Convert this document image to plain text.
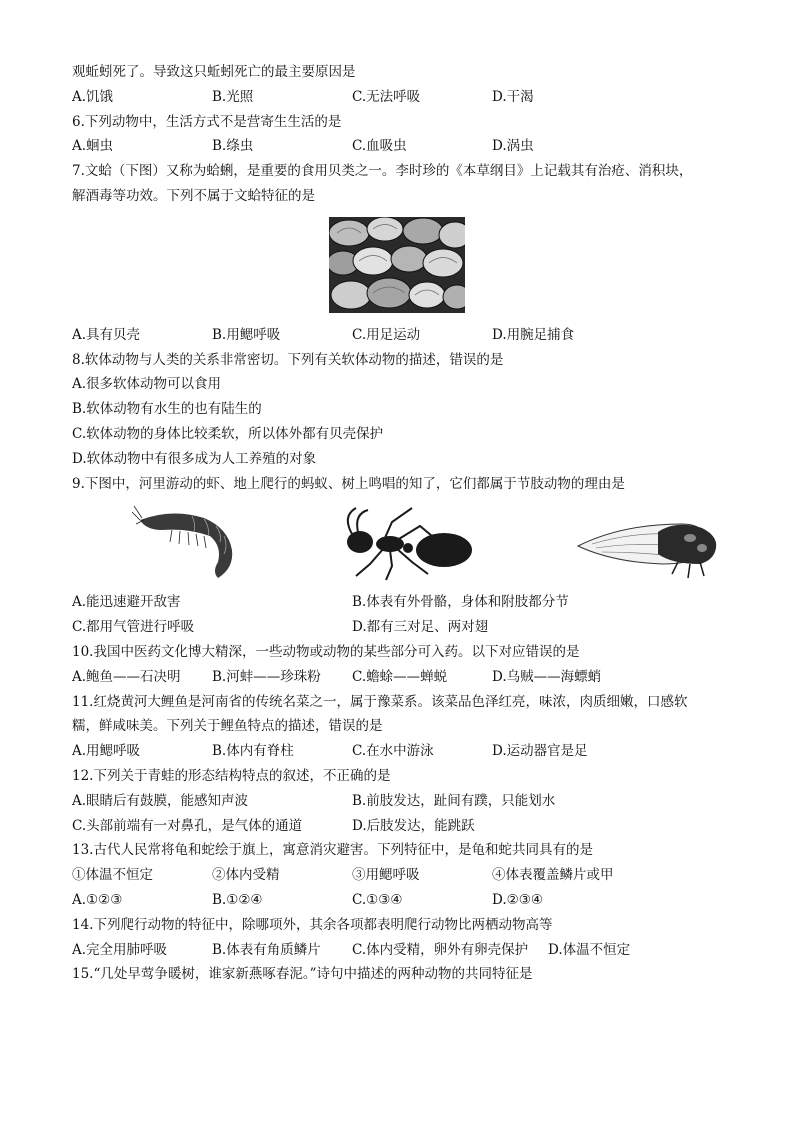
观蚯蚓死了。导致这只蚯蚓死亡的最主要原因是
A.饥饿	B.光照	C.无法呼吸	D.干渴
6.下列动物中，生活方式不是营寄生生活的是
A.蛔虫	B.绦虫	C.血吸虫	D.涡虫
7.文蛤（下图）又称为蛤蜊，是重要的食用贝类之一。李时珍的《本草纲目》上记载其有治疮、消积块，
解酒毒等功效。下列不属于文蛤特征的是
A.具有贝壳	B.用鳃呼吸	C.用足运动	D.用腕足捕食
8.软体动物与人类的关系非常密切。下列有关软体动物的描述，错误的是
A.很多软体动物可以食用
B.软体动物有水生的也有陆生的
C.软体动物的身体比较柔软，所以体外都有贝壳保护
D.软体动物中有很多成为人工养殖的对象
9.下图中，河里游动的虾、地上爬行的蚂蚁、树上鸣唱的知了，它们都属于节肢动物的理由是
A.能迅速避开敌害	B.体表有外骨骼，身体和附肢都分节
C.都用气管进行呼吸	D.都有三对足、两对翅
10.我国中医药文化博大精深，一些动物或动物的某些部分可入药。以下对应错误的是
A.鲍鱼——石决明	B.河蚌——珍珠粉	C.蟾蜍——蝉蜕	D.乌贼——海螵蛸
11.红烧黄河大鲤鱼是河南省的传统名菜之一，属于豫菜系。该菜品色泽红亮，味浓，肉质细嫩，口感软
糯，鲜咸味美。下列关于鲤鱼特点的描述，错误的是
A.用鳃呼吸	B.体内有脊柱	C.在水中游泳	D.运动器官是足
12.下列关于青蛙的形态结构特点的叙述，不正确的是
A.眼睛后有鼓膜，能感知声波	B.前肢发达，趾间有蹼，只能划水
C.头部前端有一对鼻孔，是气体的通道	D.后肢发达，能跳跃
13.古代人民常将龟和蛇绘于旗上，寓意消灾避害。下列特征中，是龟和蛇共同具有的是
①体温不恒定	②体内受精	③用鳃呼吸	④体表覆盖鳞片或甲
A.①②③	B.①②④	C.①③④	D.②③④
14.下列爬行动物的特征中，除哪项外，其余各项都表明爬行动物比两栖动物高等
A.完全用肺呼吸	B.体表有角质鳞片	C.体内受精，卵外有卵壳保护	D.体温不恒定
15.“几处早莺争暖树，谁家新燕啄春泥。”诗句中描述的两种动物的共同特征是
